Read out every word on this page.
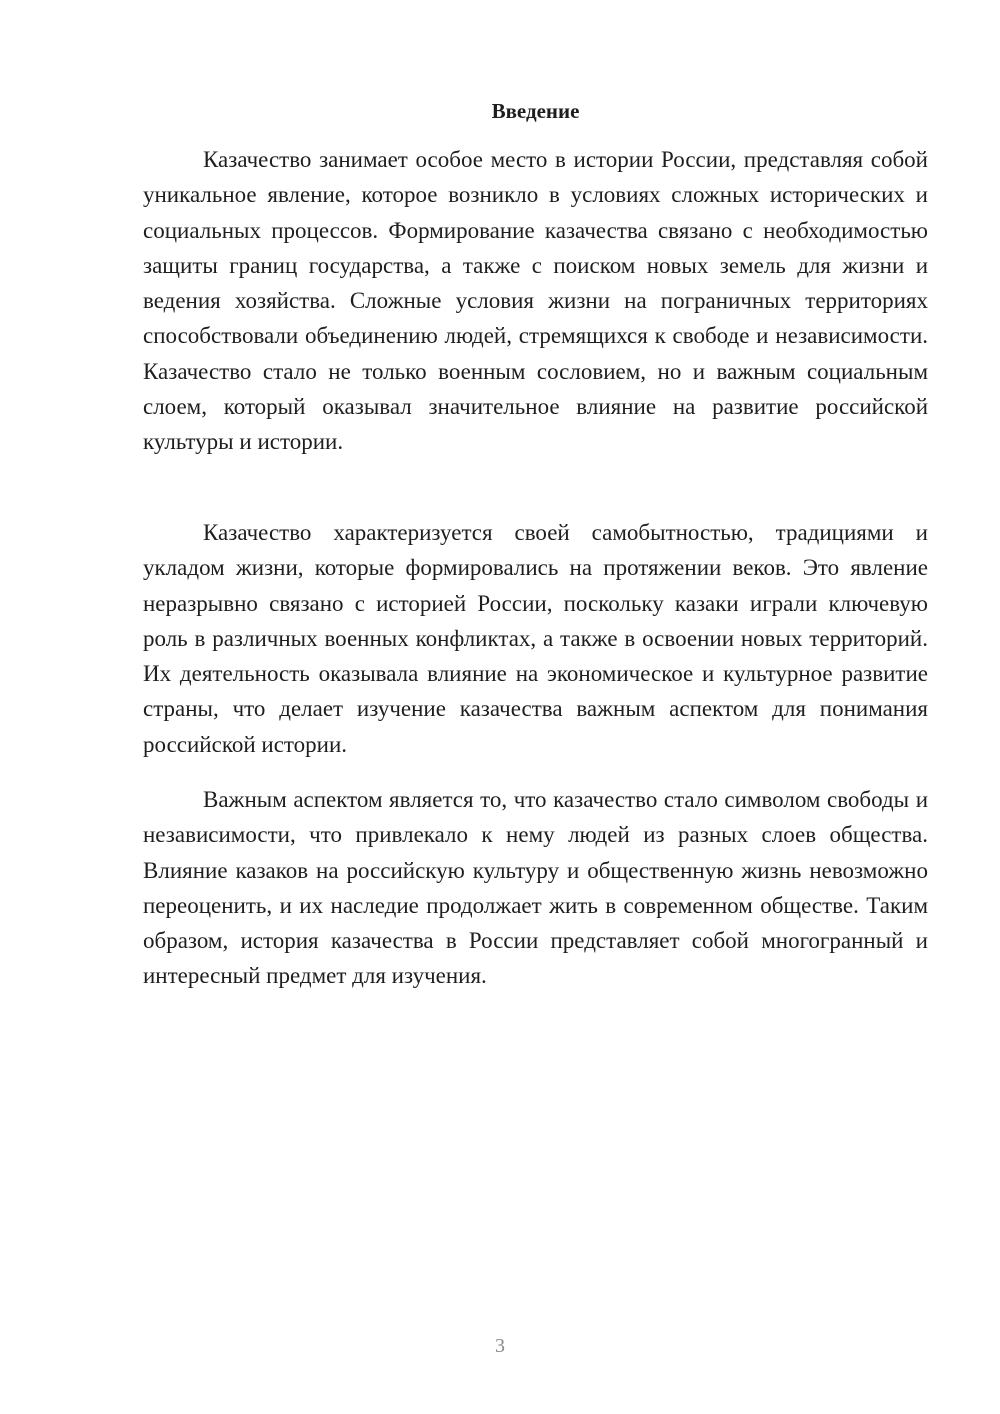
Введение

Казачество занимает особое место в истории России, представляя собой уникальное явление, которое возникло в условиях сложных исторических и социальных процессов. Формирование казачества связано с необходимостью защиты границ государства, а также с поиском новых земель для жизни и ведения хозяйства. Сложные условия жизни на пограничных территориях способствовали объединению людей, стремящихся к свободе и независимости. Казачество стало не только военным сословием, но и важным социальным слоем, который оказывал значительное влияние на развитие российской культуры и истории.

Казачество характеризуется своей самобытностью, традициями и укладом жизни, которые формировались на протяжении веков. Это явление неразрывно связано с историей России, поскольку казаки играли ключевую роль в различных военных конфликтах, а также в освоении новых территорий. Их деятельность оказывала влияние на экономическое и культурное развитие страны, что делает изучение казачества важным аспектом для понимания российской истории.

Важным аспектом является то, что казачество стало символом свободы и независимости, что привлекало к нему людей из разных слоев общества. Влияние казаков на российскую культуру и общественную жизнь невозможно переоценить, и их наследие продолжает жить в современном обществе. Таким образом, история казачества в России представляет собой многогранный и интересный предмет для изучения.

3
